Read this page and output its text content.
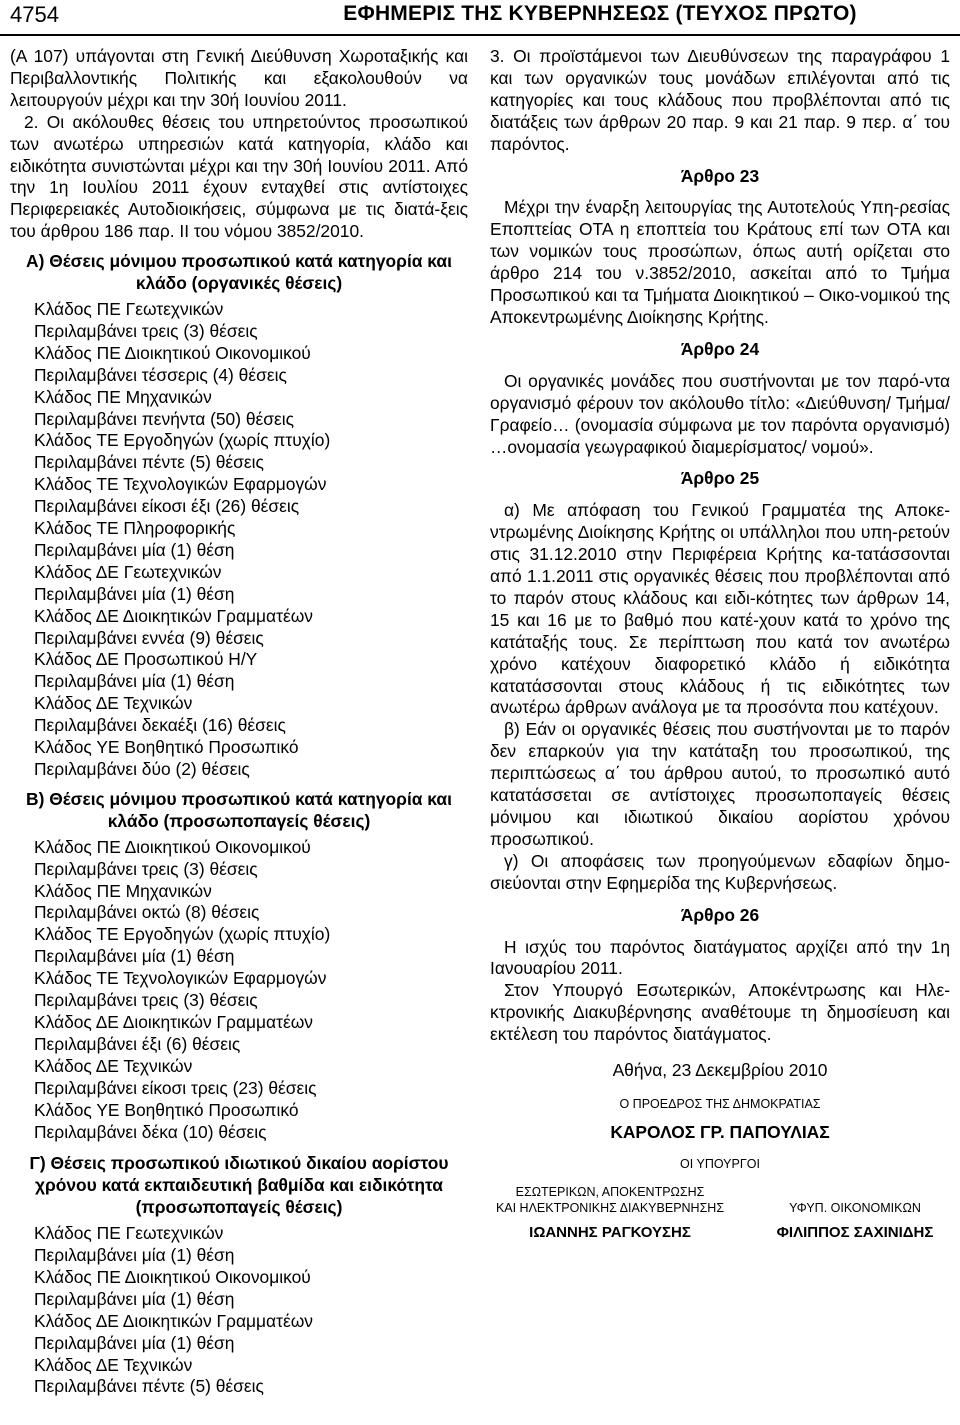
4754	ΕΦΗΜΕΡΙΣ ΤΗΣ ΚΥΒΕΡΝΗΣΕΩΣ (ΤΕΥΧΟΣ ΠΡΩΤΟ)

(Α 107) υπάγονται στη Γενική Διεύθυνση Χωροταξικής και Περιβαλλοντικής Πολιτικής και εξακολουθούν να λειτουργούν μέχρι και την 30ή Ιουνίου 2011.

2. Οι ακόλουθες θέσεις του υπηρετούντος προσωπικού των ανωτέρω υπηρεσιών κατά κατηγορία, κλάδο και ειδικότητα συνιστώνται μέχρι και την 30ή Ιουνίου 2011. Από την 1η Ιουλίου 2011 έχουν ενταχθεί στις αντίστοιχες Περιφερειακές Αυτοδιοικήσεις, σύμφωνα με τις διατά-ξεις του άρθρου 186 παρ. ΙΙ του νόμου 3852/2010.

Α) Θέσεις μόνιμου προσωπικού κατά κατηγορία και κλάδο (οργανικές θέσεις)
Κλάδος ΠΕ Γεωτεχνικών
Περιλαμβάνει τρεις (3) θέσεις
Κλάδος ΠΕ Διοικητικού Οικονομικού
Περιλαμβάνει τέσσερις (4) θέσεις
Κλάδος ΠΕ Μηχανικών
Περιλαμβάνει πενήντα (50) θέσεις
Κλάδος ΤΕ Εργοδηγών (χωρίς πτυχίο)
Περιλαμβάνει πέντε (5) θέσεις
Κλάδος ΤΕ Τεχνολογικών Εφαρμογών
Περιλαμβάνει είκοσι έξι (26) θέσεις
Κλάδος ΤΕ Πληροφορικής
Περιλαμβάνει μία (1) θέση
Κλάδος ΔΕ Γεωτεχνικών
Περιλαμβάνει μία (1) θέση
Κλάδος ΔΕ Διοικητικών Γραμματέων
Περιλαμβάνει εννέα (9) θέσεις
Κλάδος ΔΕ Προσωπικού Η/Υ
Περιλαμβάνει μία (1) θέση
Κλάδος ΔΕ Τεχνικών
Περιλαμβάνει δεκαέξι (16) θέσεις
Κλάδος ΥΕ Βοηθητικό Προσωπικό
Περιλαμβάνει δύο (2) θέσεις
Β) Θέσεις μόνιμου προσωπικού κατά κατηγορία και κλάδο (προσωποπαγείς θέσεις)
Κλάδος ΠΕ Διοικητικού Οικονομικού
Περιλαμβάνει τρεις (3) θέσεις
Κλάδος ΠΕ Μηχανικών
Περιλαμβάνει οκτώ (8) θέσεις
Κλάδος ΤΕ Εργοδηγών (χωρίς πτυχίο)
Περιλαμβάνει μία (1) θέση
Κλάδος ΤΕ Τεχνολογικών Εφαρμογών
Περιλαμβάνει τρεις (3) θέσεις
Κλάδος ΔΕ Διοικητικών Γραμματέων
Περιλαμβάνει έξι (6) θέσεις
Κλάδος ΔΕ Τεχνικών
Περιλαμβάνει είκοσι τρεις (23) θέσεις
Κλάδος ΥΕ Βοηθητικό Προσωπικό
Περιλαμβάνει δέκα (10) θέσεις
Γ) Θέσεις προσωπικού ιδιωτικού δικαίου αορίστου χρόνου κατά εκπαιδευτική βαθμίδα και ειδικότητα (προσωποπαγείς θέσεις)
Κλάδος ΠΕ Γεωτεχνικών
Περιλαμβάνει μία (1) θέση
Κλάδος ΠΕ Διοικητικού Οικονομικού
Περιλαμβάνει μία (1) θέση
Κλάδος ΔΕ Διοικητικών Γραμματέων
Περιλαμβάνει μία (1) θέση
Κλάδος ΔΕ Τεχνικών
Περιλαμβάνει πέντε (5) θέσεις

3. Οι προϊστάμενοι των Διευθύνσεων της παραγράφου 1 και των οργανικών τους μονάδων επιλέγονται από τις κατηγορίες και τους κλάδους που προβλέπονται από τις διατάξεις των άρθρων 20 παρ. 9 και 21 παρ. 9 περ. α΄ του παρόντος.

Άρθρο 23

Μέχρι την έναρξη λειτουργίας της Αυτοτελούς Υπη-ρεσίας Εποπτείας ΟΤΑ η εποπτεία του Κράτους επί των ΟΤΑ και των νομικών τους προσώπων, όπως αυτή ορίζεται στο άρθρο 214 του ν.3852/2010, ασκείται από το Τμήμα Προσωπικού και τα Τμήματα Διοικητικού – Οικο-νομικού της Αποκεντρωμένης Διοίκησης Κρήτης.

Άρθρο 24

Οι οργανικές μονάδες που συστήνονται με τον παρό-ντα οργανισμό φέρουν τον ακόλουθο τίτλο: «Διεύθυνση/ Τμήμα/Γραφείο… (ονομασία σύμφωνα με τον παρόντα οργανισμό) …ονομασία γεωγραφικού διαμερίσματος/ νομού».

Άρθρο 25

α) Με απόφαση του Γενικού Γραμματέα της Αποκε-ντρωμένης Διοίκησης Κρήτης οι υπάλληλοι που υπη-ρετούν στις 31.12.2010 στην Περιφέρεια Κρήτης κα-τατάσσονται από 1.1.2011 στις οργανικές θέσεις που προβλέπονται από το παρόν στους κλάδους και ειδι-κότητες των άρθρων 14, 15 και 16 με το βαθμό που κατέ-χουν κατά το χρόνο της κατάταξής τους. Σε περίπτωση που κατά τον ανωτέρω χρόνο κατέχουν διαφορετικό κλάδο ή ειδικότητα κατατάσσονται στους κλάδους ή τις ειδικότητες των ανωτέρω άρθρων ανάλογα με τα προσόντα που κατέχουν.

β) Εάν οι οργανικές θέσεις που συστήνονται με το παρόν δεν επαρκούν για την κατάταξη του προσωπικού, της περιπτώσεως α΄ του άρθρου αυτού, το προσωπικό αυτό κατατάσσεται σε αντίστοιχες προσωποπαγείς θέσεις μόνιμου και ιδιωτικού δικαίου αορίστου χρόνου προσωπικού.

γ) Οι αποφάσεις των προηγούμενων εδαφίων δημο-σιεύονται στην Εφημερίδα της Κυβερνήσεως.

Άρθρο 26

Η ισχύς του παρόντος διατάγματος αρχίζει από την 1η Ιανουαρίου 2011.

Στον Υπουργό Εσωτερικών, Αποκέντρωσης και Ηλε-κτρονικής Διακυβέρνησης αναθέτουμε τη δημοσίευση και εκτέλεση του παρόντος διατάγματος.

Αθήνα, 23 Δεκεμβρίου 2010
Ο ΠΡΟΕΔΡΟΣ ΤΗΣ ΔΗΜΟΚΡΑΤΙΑΣ
ΚΑΡΟΛΟΣ ΓΡ. ΠΑΠΟΥΛΙΑΣ
ΟΙ ΥΠΟΥΡΓΟΙ
ΕΣΩΤΕΡΙΚΩΝ, ΑΠΟΚΕΝΤΡΩΣΗΣ
ΚΑΙ ΗΛΕΚΤΡΟΝΙΚΗΣ ΔΙΑΚΥΒΕΡΝΗΣΗΣ
ΙΩΑΝΝΗΣ ΡΑΓΚΟΥΣΗΣ
ΥΦΥΠ. ΟΙΚΟΝΟΜΙΚΩΝ
ΦΙΛΙΠΠΟΣ ΣΑΧΙΝΙΔΗΣ
